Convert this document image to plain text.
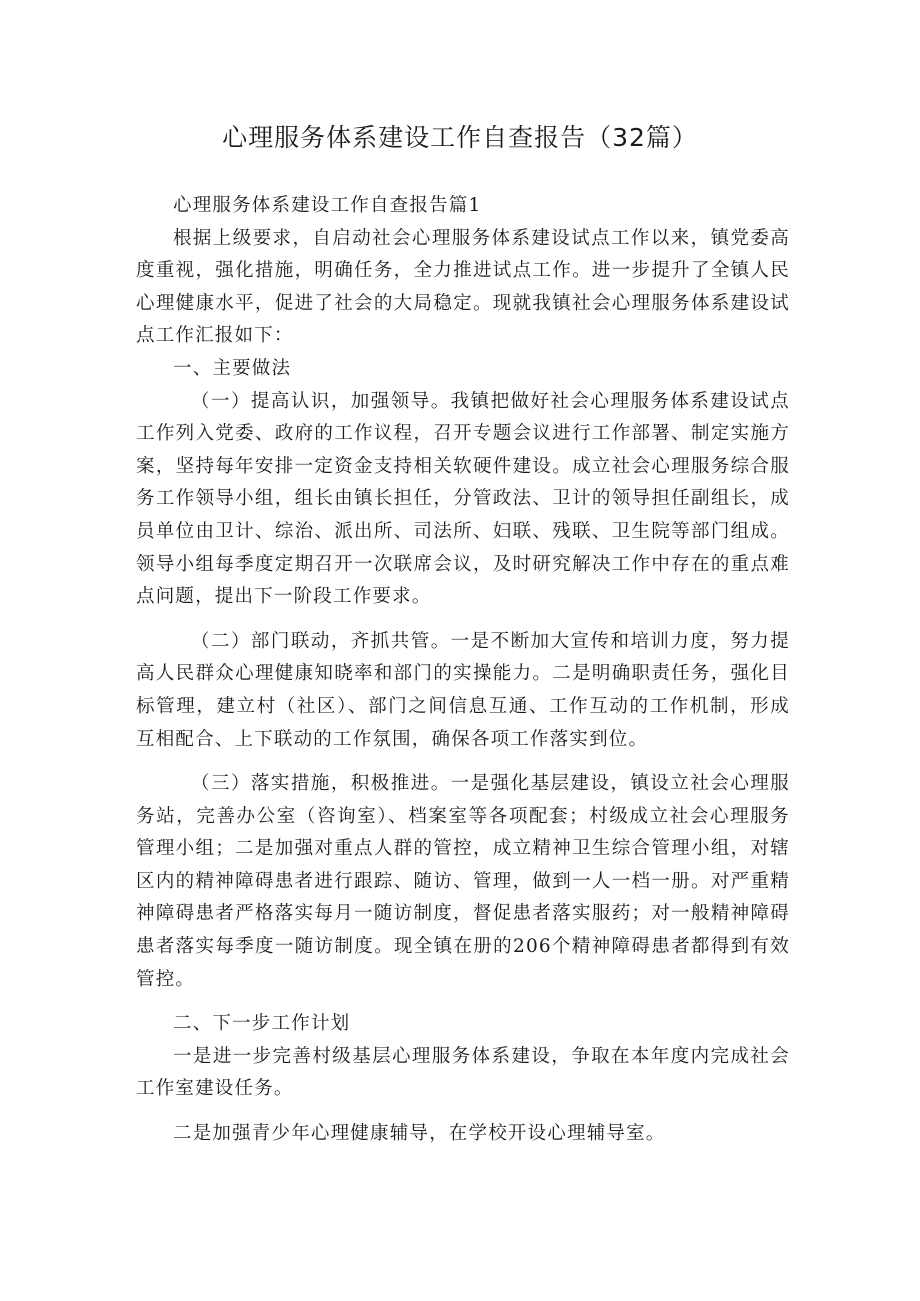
心理服务体系建设工作自查报告（32篇）

心理服务体系建设工作自查报告篇1

根据上级要求，自启动社会心理服务体系建设试点工作以来，镇党委高度重视，强化措施，明确任务，全力推进试点工作。进一步提升了全镇人民心理健康水平，促进了社会的大局稳定。现就我镇社会心理服务体系建设试点工作汇报如下：

一、主要做法

（一）提高认识，加强领导。我镇把做好社会心理服务体系建设试点工作列入党委、政府的工作议程，召开专题会议进行工作部署、制定实施方案，坚持每年安排一定资金支持相关软硬件建设。成立社会心理服务综合服务工作领导小组，组长由镇长担任，分管政法、卫计的领导担任副组长，成员单位由卫计、综治、派出所、司法所、妇联、残联、卫生院等部门组成。领导小组每季度定期召开一次联席会议，及时研究解决工作中存在的重点难点问题，提出下一阶段工作要求。

（二）部门联动，齐抓共管。一是不断加大宣传和培训力度，努力提高人民群众心理健康知晓率和部门的实操能力。二是明确职责任务，强化目标管理，建立村（社区）、部门之间信息互通、工作互动的工作机制，形成互相配合、上下联动的工作氛围，确保各项工作落实到位。

（三）落实措施，积极推进。一是强化基层建设，镇设立社会心理服务站，完善办公室（咨询室）、档案室等各项配套；村级成立社会心理服务管理小组；二是加强对重点人群的管控，成立精神卫生综合管理小组，对辖区内的精神障碍患者进行跟踪、随访、管理，做到一人一档一册。对严重精神障碍患者严格落实每月一随访制度，督促患者落实服药；对一般精神障碍患者落实每季度一随访制度。现全镇在册的206个精神障碍患者都得到有效管控。

二、下一步工作计划

一是进一步完善村级基层心理服务体系建设，争取在本年度内完成社会工作室建设任务。

二是加强青少年心理健康辅导，在学校开设心理辅导室。
